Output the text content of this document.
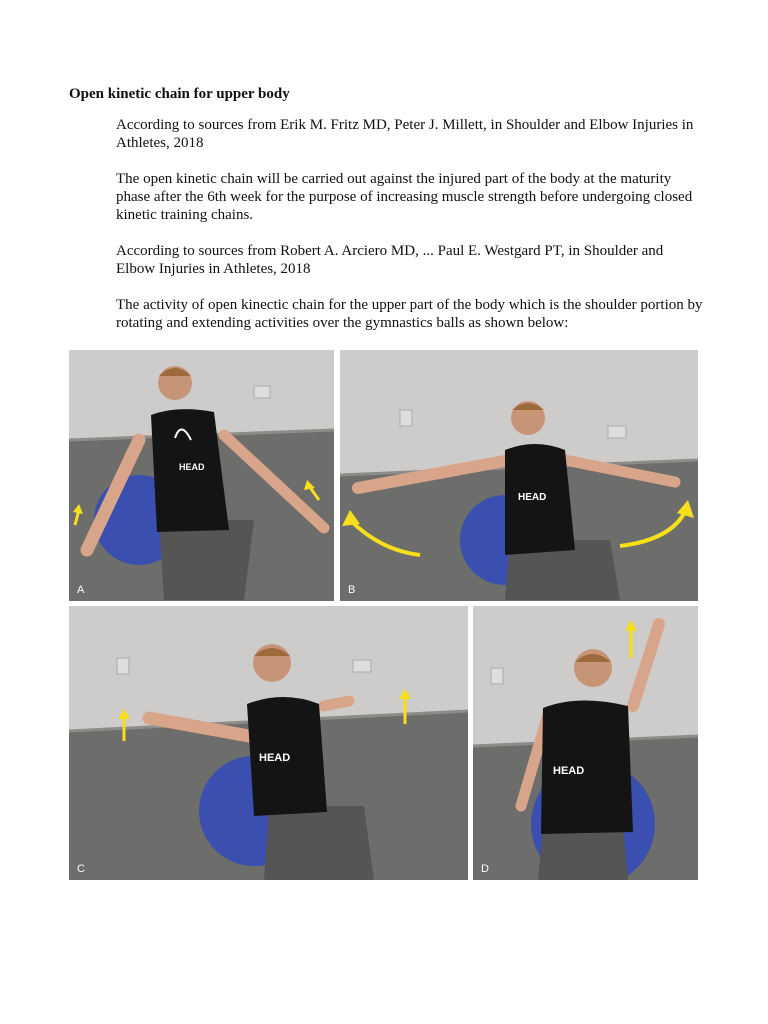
Open kinetic chain for upper body

According to sources from Erik M. Fritz MD, Peter J. Millett, in Shoulder and Elbow Injuries in Athletes, 2018

The open kinetic chain will be carried out against the injured part of the body at the maturity phase after the 6th week for the purpose of increasing muscle strength before undergoing closed kinetic training chains.

According to sources from Robert A. Arciero MD, ... Paul E. Westgard PT, in Shoulder and Elbow Injuries in Athletes, 2018

The activity of open kinectic chain for the upper part of the body which is the shoulder portion by rotating and extending activities over the gymnastics balls as shown below:

HEAD
A
HEAD
B
HEAD
C
HEAD
D
